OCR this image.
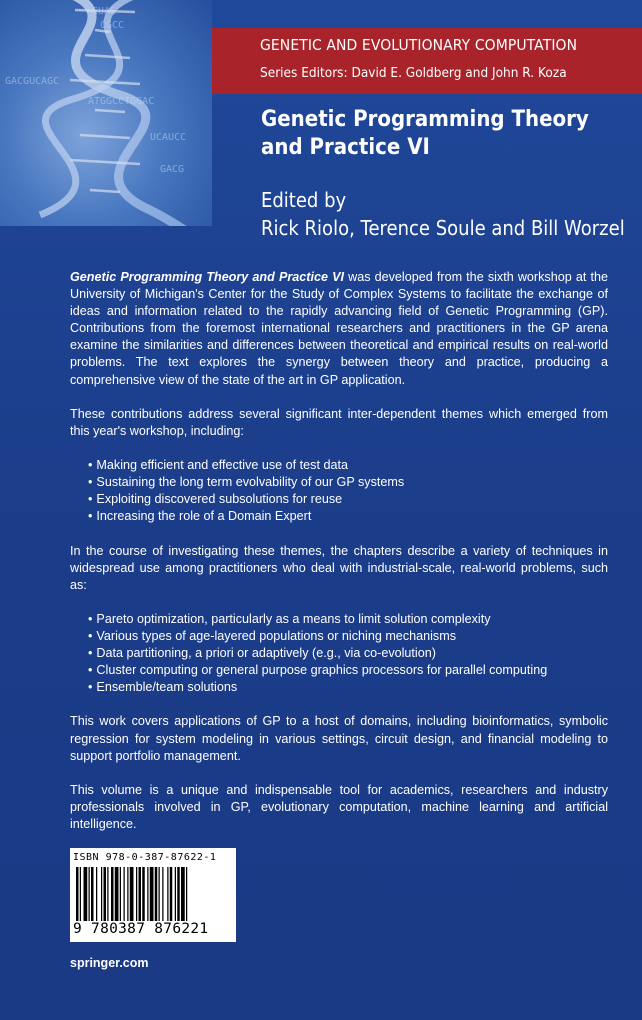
GUAG
CGCC
GACGUCAGC
ATGGCCTGGAC
UCAUCC
GACG
GENETIC AND EVOLUTIONARY COMPUTATION
Series Editors: David E. Goldberg and John R. Koza
Genetic Programming Theory
and Practice VI
Edited by
Rick Riolo, Terence Soule and Bill Worzel

Genetic Programming Theory and Practice VI was developed from the sixth workshop at the University of Michigan's Center for the Study of Complex Systems to facilitate the exchange of ideas and information related to the rapidly advancing field of Genetic Programming (GP). Contributions from the foremost international researchers and practitioners in the GP arena examine the similarities and differences between theoretical and empirical results on real-world problems. The text explores the synergy between theory and practice, producing a comprehensive view of the state of the art in GP application.

These contributions address several significant inter-dependent themes which emerged from this year's workshop, including:

• Making efficient and effective use of test data
• Sustaining the long term evolvability of our GP systems
• Exploiting discovered subsolutions for reuse
• Increasing the role of a Domain Expert

In the course of investigating these themes, the chapters describe a variety of techniques in widespread use among practitioners who deal with industrial-scale, real-world problems, such as:

• Pareto optimization, particularly as a means to limit solution complexity
• Various types of age-layered populations or niching mechanisms
• Data partitioning, a priori or adaptively (e.g., via co-evolution)
• Cluster computing or general purpose graphics processors for parallel computing
• Ensemble/team solutions

This work covers applications of GP to a host of domains, including bioinformatics, symbolic regression for system modeling in various settings, circuit design, and financial modeling to support portfolio management.

This volume is a unique and indispensable tool for academics, researchers and industry professionals involved in GP, evolutionary computation, machine learning and artificial intelligence.

ISBN 978-0-387-87622-1
9 780387 876221
springer.com
